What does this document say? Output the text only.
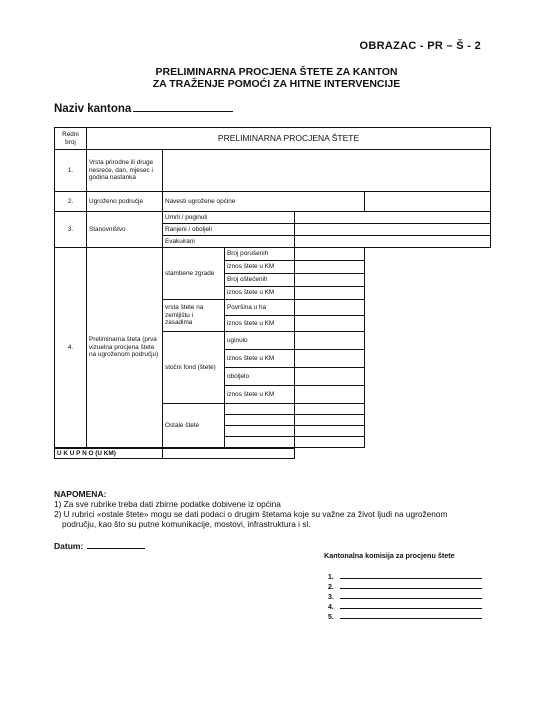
OBRAZAC - PR – Š - 2
PRELIMINARNA PROCJENA ŠTETE ZA KANTON
ZA TRAŽENJE POMOĆI ZA HITNE INTERVENCIJE
Naziv kantona
Redni broj	PRELIMINARNA PROCJENA ŠTETE				
1.	Vrsta prirodne ili druge nesreće, dan, mjesec i godina nastanka				
2.	Ugroženo područje	Navesti ugrožene općine			
3.	Stanovništvo	Umrli / poginuli			
		Ranjeni / oboljeli			
		Evakuirani			
4.	Preliminarna šteta (prva vizuelna procjena štete na ugroženom području)	stambene zgrade	Broj porušenih		
			iznos štete u KM		
			Broj oštećenih		
			iznos štete u KM		
		vrsta štete na zemljištu i zasadima	Površina u ha		
			iznos štete u KM		
		stočni fond (štete)	uginulo		
			iznos štete u KM		
			obolјelo		
			iznos štete u KM		
		Ostale štete			

U K U P N O (U KM)					
NAPOMENA:
1) Za sve rubrike treba dati zbirne podatke dobivene iz općina
2) U rubrici «ostale štete» mogu se dati podaci o drugim štetama koje su važne za život ljudi na ugroženom
području, kao što su putne komunikacije, mostovi, infrastruktura i sl.
Datum:
Kantonalna komisija za procjenu štete
1.
2.
3.
4.
5.
